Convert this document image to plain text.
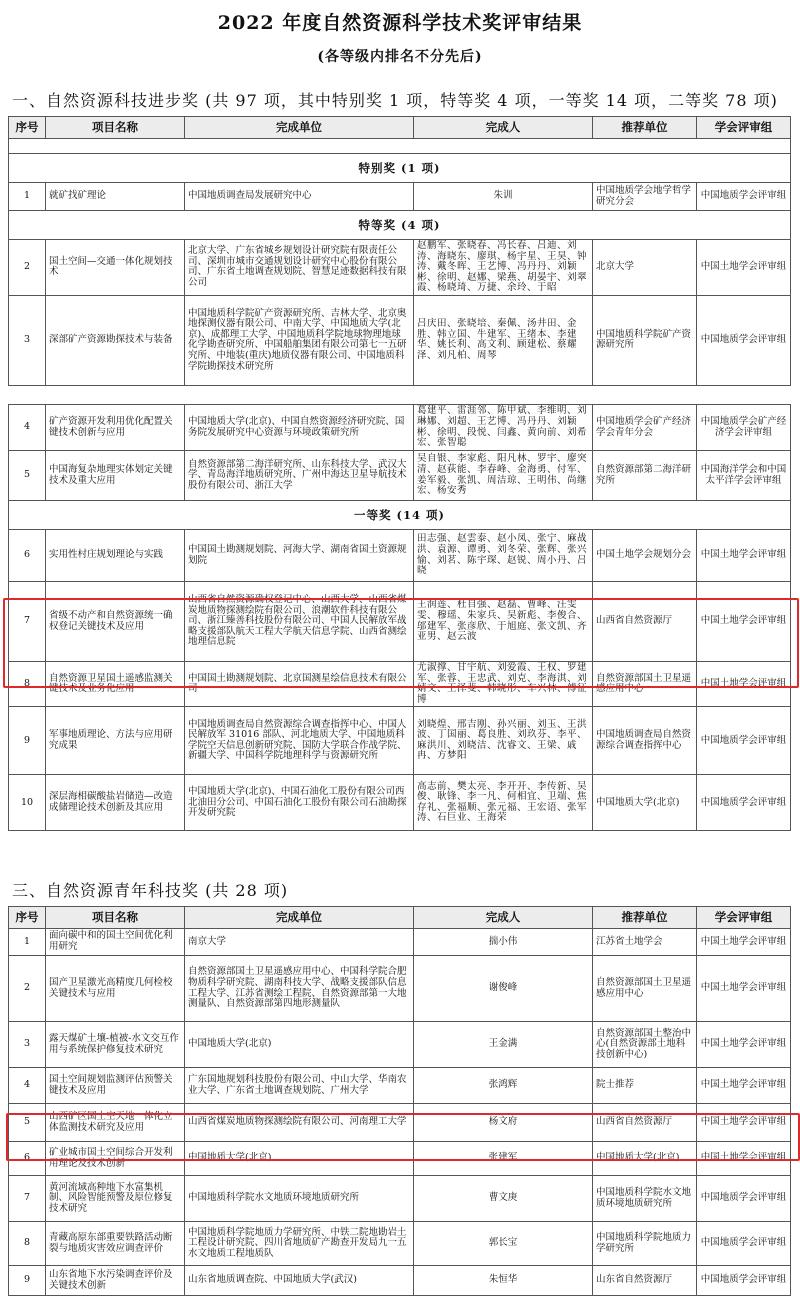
2022 年度自然资源科学技术奖评审结果
(各等级内排名不分先后)
一、自然资源科技进步奖 (共 97 项，其中特别奖 1 项，特等奖 4 项，一等奖 14 项，二等奖 78 项)
序号	项目名称	完成单位	完成人	推荐单位	学会评审组

特别奖 (1 项)					
1	就矿找矿理论	中国地质调查局发展研究中心	朱训	中国地质学会地学哲学研究分会	中国地质学会评审组
特等奖 (4 项)					
2	国土空间—交通一体化规划技术	北京大学、广东省城乡规划设计研究院有限责任公司、深圳市城市交通规划设计研究中心股份有限公司、广东省土地调查规划院、智慧足迹数据科技有限公司	赵鹏军、张晓春、冯长春、吕迪、刘涛、海晓东、廖琪、杨宇星、王昊、钟涛、戴冬晖、王艺博、冯丹丹、刘颖彬、徐明、赵娜、梁燕、胡晏宇、刘翠霞、杨晓琦、万捷、余玲、于昭	北京大学	中国土地学会评审组
3	深部矿产资源勘探技术与装备	中国地质科学院矿产资源研究所、吉林大学、北京奥地探测仪器有限公司、中南大学、中国地质大学(北京)、成都理工大学、中国地质科学院地球物理地球化学勘查研究所、中国船舶集团有限公司第七一五研究所、中地装(重庆)地质仪器有限公司、中国地质科学院勘探技术研究所	吕庆田、张晓培、秦佩、汤井田、金胜、韩立国、牛建军、王绪本、李建华、姚长利、高文利、顾建松、蔡耀泽、刘凡柏、周琴	中国地质科学院矿产资源研究所	中国地质学会评审组
4	矿产资源开发利用优化配置关键技术创新与应用	中国地质大学(北京)、中国自然资源经济研究院、国务院发展研究中心资源与环境政策研究所	葛建平、雷涯邻、陈甲斌、李维明、刘琳娜、刘超、王艺博、冯丹丹、刘颖彬、徐明、段悦、闫鑫、黄向前、刘希宏、张智聪	中国地质学会矿产经济学会青年分会	中国地质学会矿产经济学会评审组
5	中国海复杂地理实体划定关键技术及重大应用	自然资源部第二海洋研究所、山东科技大学、武汉大学、青岛海洋地质研究所、广州中海达卫星导航技术股份有限公司、浙江大学	吴自银、李家彪、阳凡林、罗宇、廖突清、赵荻能、李春峰、金海勇、付军、姜军毅、张凯、周洁琼、王明伟、尚继宏、杨安秀	自然资源部第二海洋研究所	中国海洋学会和中国太平洋学会评审组
一等奖 (14 项)					
6	实用性村庄规划理论与实践	中国国土勘测规划院、河海大学、湖南省国土资源规划院	田志强、赵雲泰、赵小凤、张宁、麻战洪、袁源、谭勇、刘冬荣、张辉、张兴愉、刘茗、陈宇琛、赵锐、周小丹、吕晓	中国土地学会规划分会	中国土地学会评审组
7	省级不动产和自然资源统一确权登记关键技术及应用	山西省自然资源确权登记中心、山西大学、山西省煤炭地质物探测绘院有限公司、浪潮软件科技有限公司、浙江臻善科技股份有限公司、中国人民解放军战略支援部队航天工程大学航天信息学院、山西省测绘地理信息院	王润莲、杜自强、赵磊、曹峰、汪雯雯、穆瑶、朱家兵、吴新彪、李俊合、邬建军、张彦欣、于旭庭、张文凯、齐亚男、赵云波	山西省自然资源厅	中国土地学会评审组
8	自然资源卫星国土遥感监测关键技术及业务化应用	中国国土勘测规划院、北京国测星绘信息技术有限公司	尤淑撑、甘宇航、刘爱霞、王权、罗建军、张蓉、王忠武、刘克、李海淇、刘婧文、王泽斐、韩晓彤、车兴林、傅征博	自然资源部国土卫星遥感应用中心	中国土地学会评审组
9	军事地质理论、方法与应用研究成果	中国地质调查局自然资源综合调查指挥中心、中国人民解放军 31016 部队、河北地质大学、中国地质科学院空天信息创新研究院、国防大学联合作战学院、新疆大学、中国科学院地理科学与资源研究所	刘晓煌、邢吉刚、孙兴丽、刘玉、王洪波、丁国丽、葛良胜、刘玖芬、李平、麻洪川、刘晓洁、沈睿文、王梁、戚冉、方梦阳	中国地质调查局自然资源综合调查指挥中心	中国地质学会评审组
10	深层海相碳酸盐岩储造—改造成储理论技术创新及其应用	中国地质大学(北京)、中国石油化工股份有限公司西北油田分公司、中国石油化工股份有限公司石油勘探开发研究院	高志前、樊太亮、李开开、李传新、吴俊、耿锋、李一凡、何相宜、卫端、焦存礼、张福顺、张元福、王宏语、张军涛、石巨业、王海荣	中国地质大学(北京)	中国地质学会评审组
三、自然资源青年科技奖 (共 28 项)
序号	项目名称	完成单位	完成人	推荐单位	学会评审组
1	面向碳中和的国土空间优化利用研究	南京大学	揣小伟	江苏省土地学会	中国土地学会评审组
2	国产卫星激光高精度几何检校关键技术与应用	自然资源部国土卫星遥感应用中心、中国科学院合肥物质科学研究院、湖南科技大学、战略支援部队信息工程大学、江苏省测绘工程院、自然资源部第一大地测量队、自然资源部第四地形测量队	谢俊峰	自然资源部国土卫星遥感应用中心	中国土地学会评审组
3	露天煤矿土壤-植被-水文交互作用与系统保护修复技术研究	中国地质大学(北京)	王金满	自然资源部国土整治中心(自然资源部土地科技创新中心)	中国土地学会评审组
4	国土空间规划监测评估预警关键技术及应用	广东国地规划科技股份有限公司、中山大学、华南农业大学、广东省土地调查规划院、广州大学	张鸿辉	院士推荐	中国土地学会评审组
5	山西矿区国土空天地一体化立体监测技术研究及应用	山西省煤炭地质物探测绘院有限公司、河南理工大学	杨文府	山西省自然资源厅	中国土地学会评审组
6	矿业城市国土空间综合开发利用理论及技术创新	中国地质大学(北京)	张建军	中国地质大学(北京)	中国土地学会评审组
7	黄河流域高种地下水富集机制、风险智能预警及原位修复技术研究	中国地质科学院水文地质环境地质研究所	曹文庚	中国地质科学院水文地质环境地质研究所	中国地质学会评审组
8	青藏高原东部重要铁路活动断裂与地质灾害效应调查评价	中国地质科学院地质力学研究所、中铁二院地勘岩土工程设计研究院、四川省地质矿产勘查开发局九一五水文地质工程地质队	郭长宝	中国地质科学院地质力学研究所	中国地质学会评审组
9	山东省地下水污染调查评价及关键技术创新	山东省地质调查院、中国地质大学(武汉)	朱恒华	山东省自然资源厅	中国地质学会评审组
